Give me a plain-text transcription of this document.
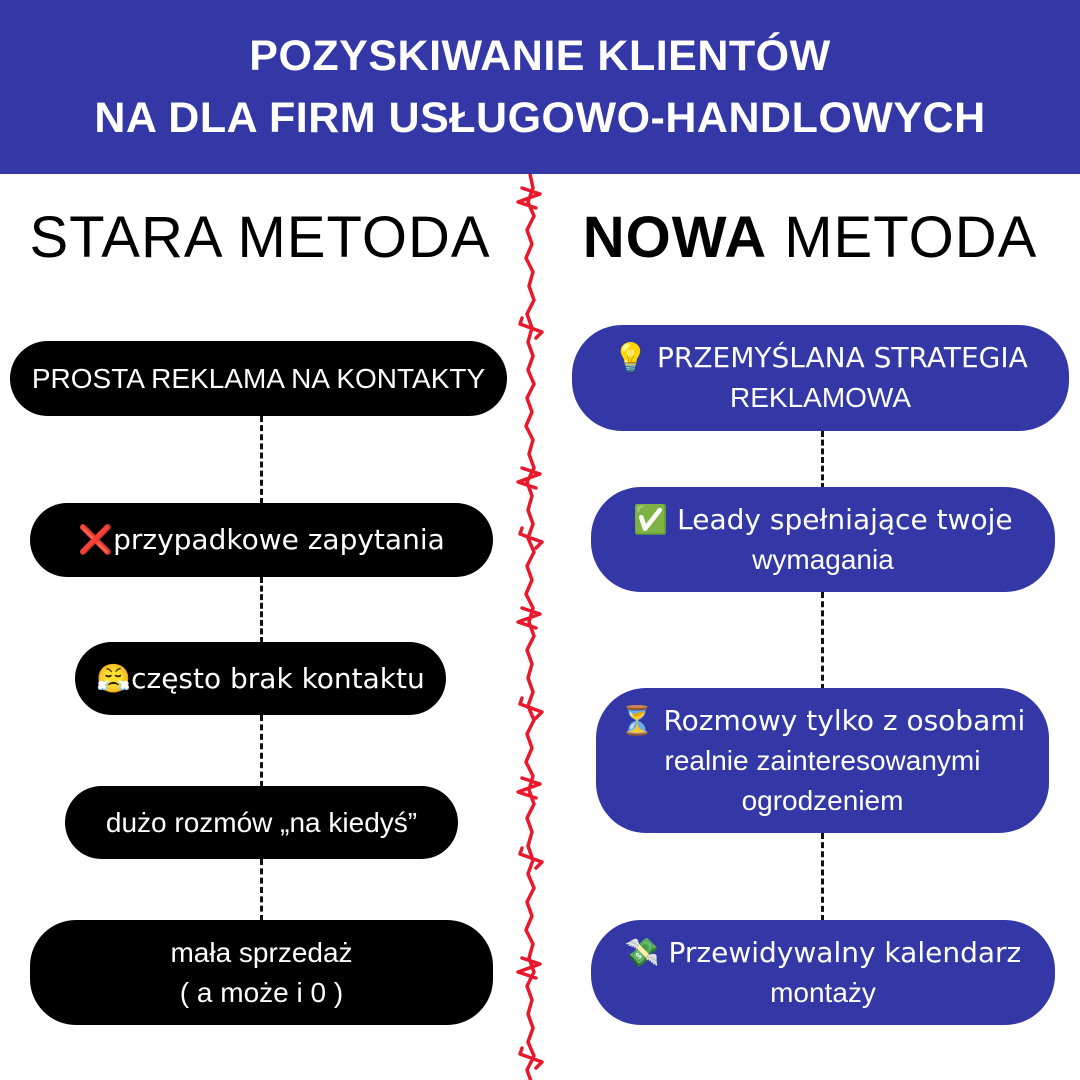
POZYSKIWANIE KLIENTÓW
NA DLA FIRM USŁUGOWO-HANDLOWYCH
STARA METODA	NOWA METODA
PROSTA REKLAMA NA KONTAKTY
❌przypadkowe zapytania
😤często brak kontaktu
dużo rozmów „na kiedyś”
mała sprzedaż
( a może i 0 )
💡 PRZEMYŚLANA STRATEGIA
REKLAMOWA
✅ Leady spełniające twoje
wymagania
⏳ Rozmowy tylko z osobami
realnie zainteresowanymi
ogrodzeniem
💸 Przewidywalny kalendarz
montaży
